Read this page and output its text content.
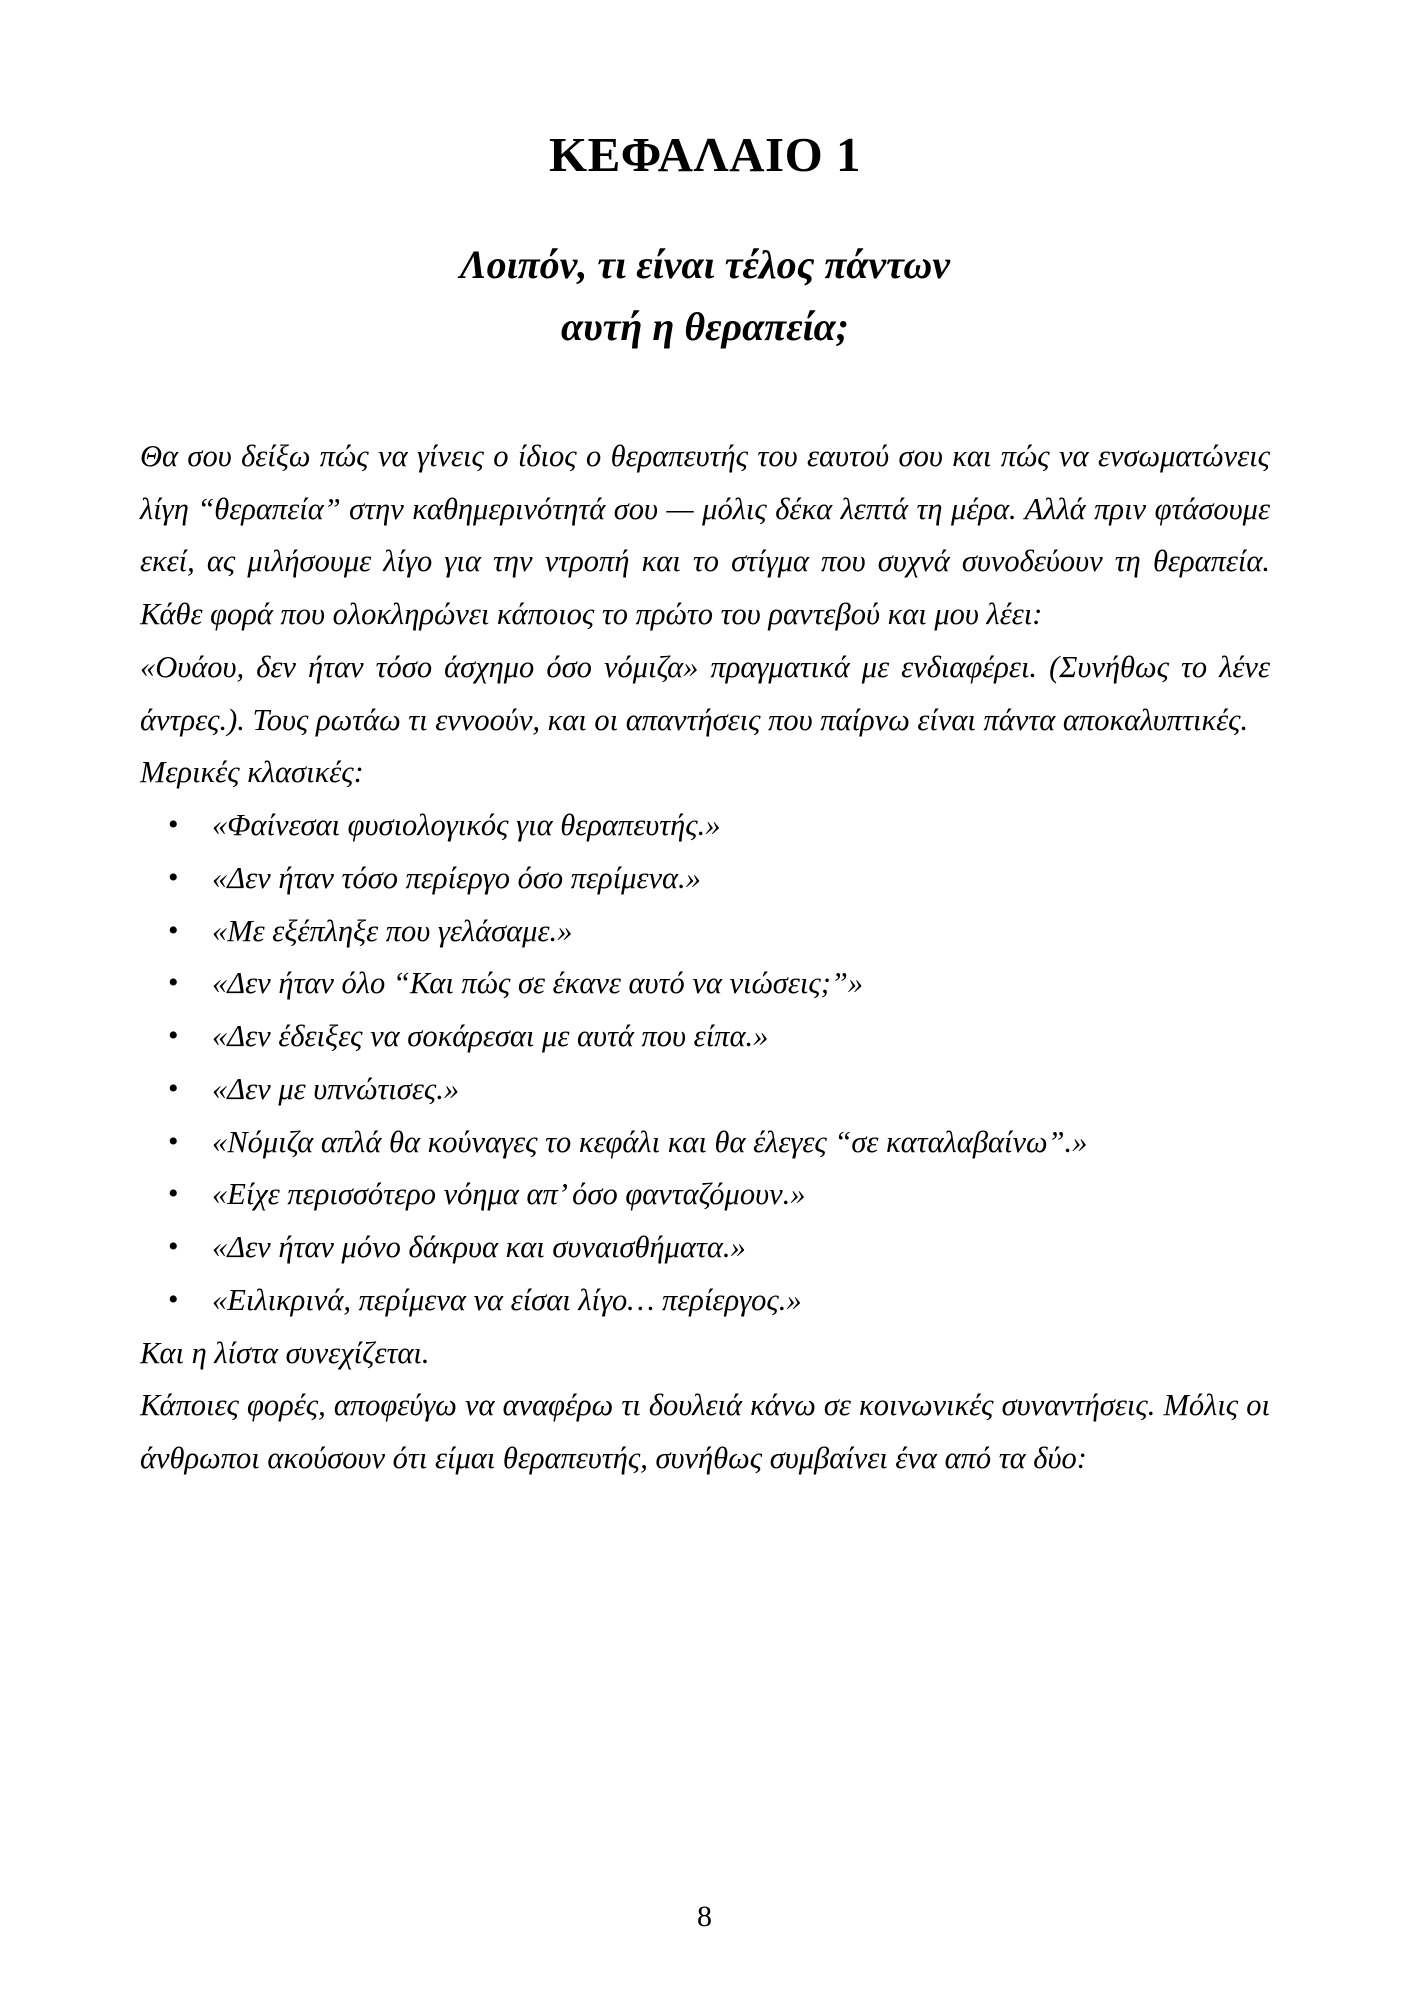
ΚΕΦΑΛΑΙΟ 1
Λοιπόν, τι είναι τέλος πάντων
αυτή η θεραπεία;

Θα σου δείξω πώς να γίνεις ο ίδιος ο θεραπευτής του εαυτού σου και πώς να ενσωματώνεις λίγη “θεραπεία” στην καθημερινότητά σου — μόλις δέκα λεπτά τη μέρα. Αλλά πριν φτάσουμε εκεί, ας μιλήσουμε λίγο για την ντροπή και το στίγμα που συχνά συνοδεύουν τη θεραπεία. Κάθε φορά που ολοκληρώνει κάποιος το πρώτο του ραντεβού και μου λέει:

«Ουάου, δεν ήταν τόσο άσχημο όσο νόμιζα» πραγματικά με ενδιαφέρει. (Συνήθως το λένε άντρες.). Τους ρωτάω τι εννοούν, και οι απαντήσεις που παίρνω είναι πάντα αποκαλυπτικές.

Μερικές κλασικές:

• «Φαίνεσαι φυσιολογικός για θεραπευτής.»
• «Δεν ήταν τόσο περίεργο όσο περίμενα.»
• «Με εξέπληξε που γελάσαμε.»
• «Δεν ήταν όλο “Και πώς σε έκανε αυτό να νιώσεις;”»
• «Δεν έδειξες να σοκάρεσαι με αυτά που είπα.»
• «Δεν με υπνώτισες.»
• «Νόμιζα απλά θα κούναγες το κεφάλι και θα έλεγες “σε καταλαβαίνω”.»
• «Είχε περισσότερο νόημα απ’ όσο φανταζόμουν.»
• «Δεν ήταν μόνο δάκρυα και συναισθήματα.»
• «Ειλικρινά, περίμενα να είσαι λίγο… περίεργος.»

Και η λίστα συνεχίζεται.

Κάποιες φορές, αποφεύγω να αναφέρω τι δουλειά κάνω σε κοινωνικές συναντήσεις. Μόλις οι άνθρωποι ακούσουν ότι είμαι θεραπευτής, συνήθως συμβαίνει ένα από τα δύο:

8
